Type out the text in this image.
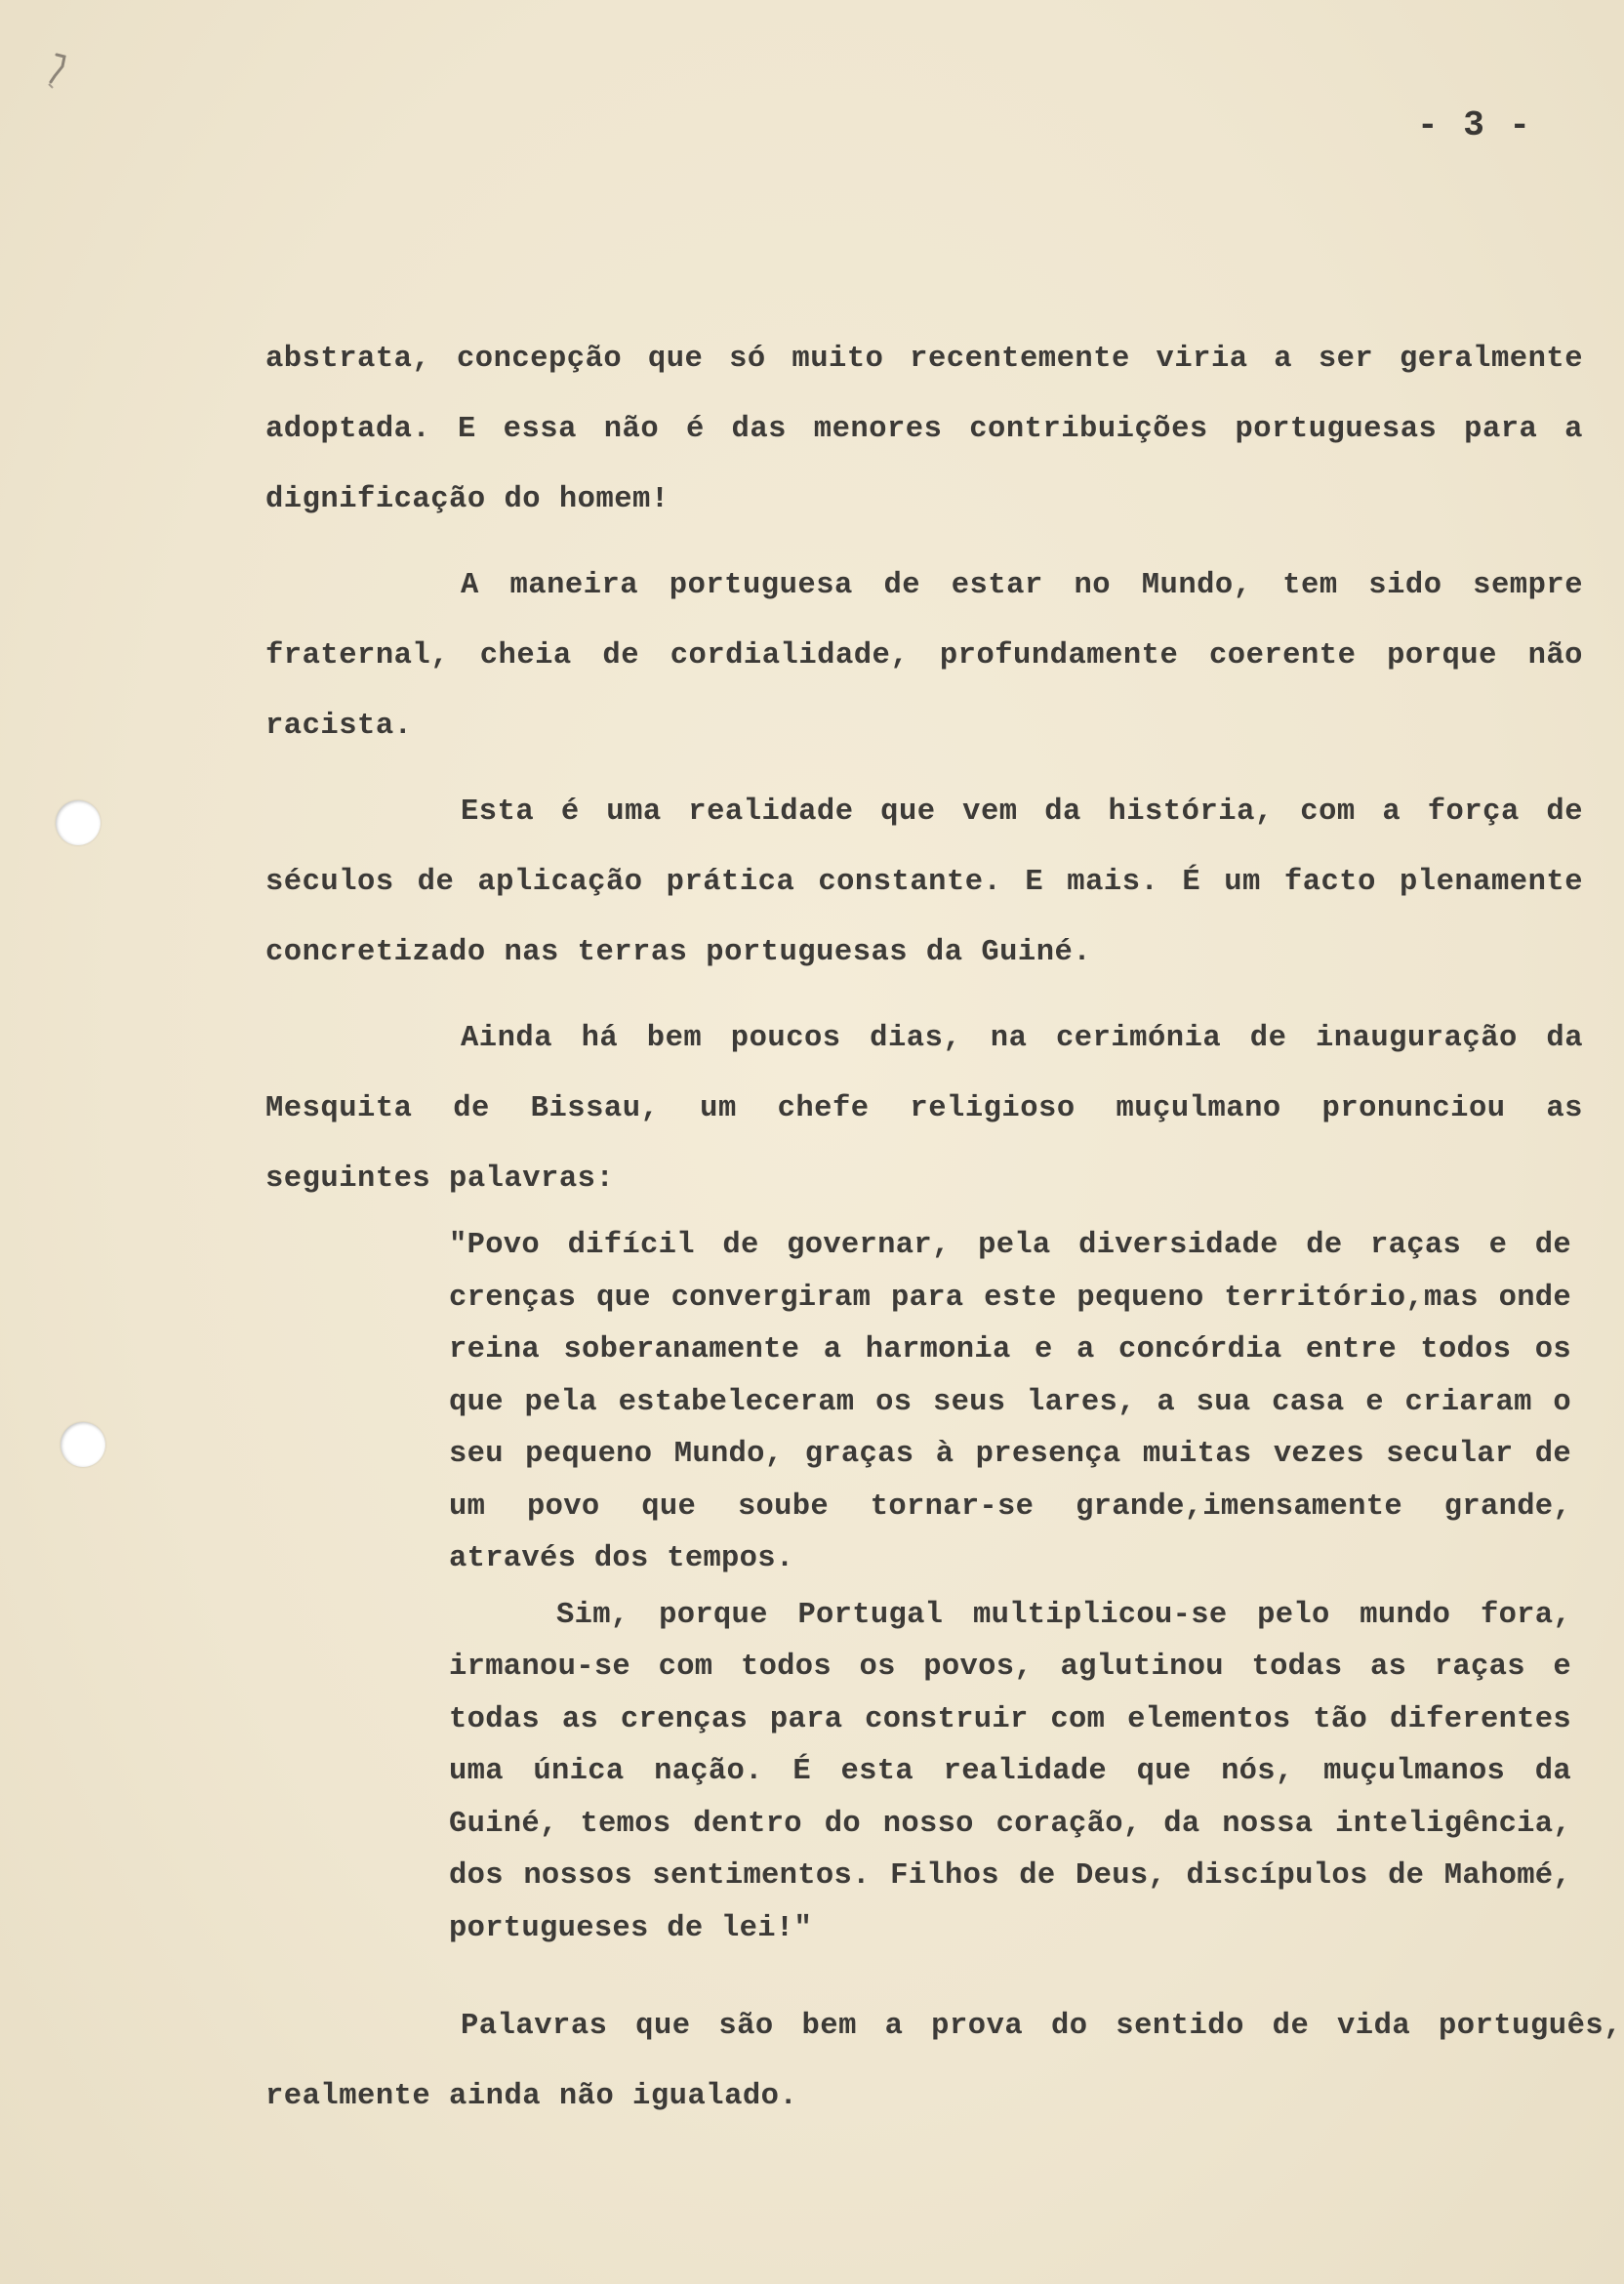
- 3 -

abstrata, concepção que só muito recentemente viria a ser geralmente adoptada. E essa não é das menores contribuições portuguesas para a dignificação do homem!

A maneira portuguesa de estar no Mundo, tem sido sempre fraternal, cheia de cordialidade, profundamente coerente porque não racista.

Esta é uma realidade que vem da história, com a força de séculos de aplicação prática constante. E mais. É um facto plenamente concretizado nas terras portuguesas da Guiné.

Ainda há bem poucos dias, na cerimónia de inauguração da Mesquita de Bissau, um chefe religioso muçulmano pronunciou as seguintes palavras:

"Povo difícil de governar, pela diversidade de raças e de crenças que convergiram para este pequeno território,mas onde reina soberanamente a harmonia e a concórdia entre todos os que pela estabeleceram os seus lares, a sua casa e criaram o seu pequeno Mundo, graças à presença muitas vezes secular de um povo que soube tornar-se grande,imensamente grande, através dos tempos.

Sim, porque Portugal multiplicou-se pelo mundo fora, irmanou-se com todos os povos, aglutinou todas as raças e todas as crenças para construir com elementos tão diferentes uma única nação. É esta realidade que nós, muçulmanos da Guiné, temos dentro do nosso coração, da nossa inteligência, dos nossos sentimentos. Filhos de Deus, discípulos de Mahomé, portugueses de lei!"

Palavras que são bem a prova do sentido de vida português, realmente ainda não igualado.
